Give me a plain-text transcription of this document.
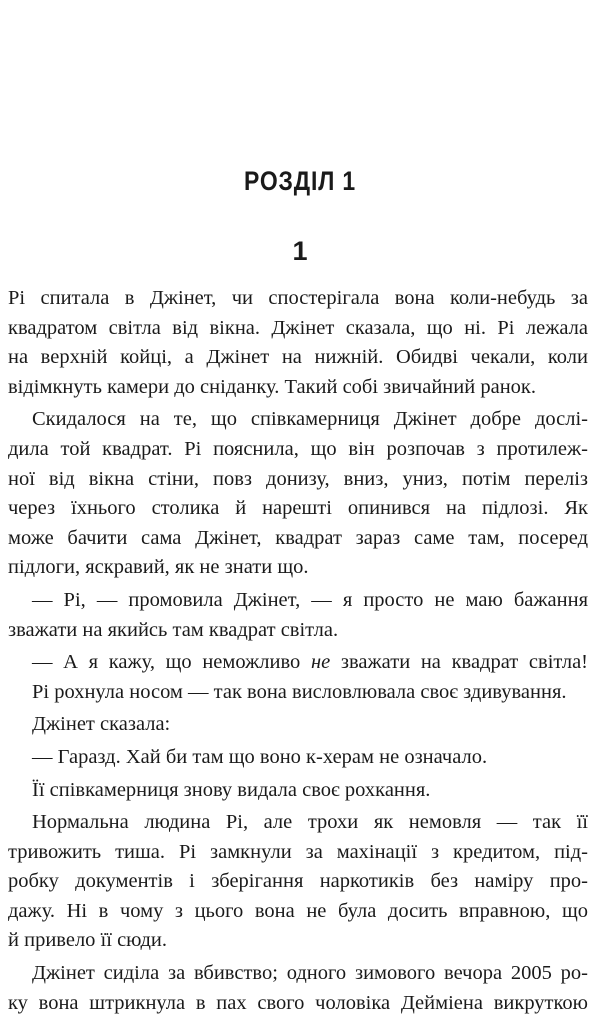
РОЗДІЛ 1
1
Рі спитала в Джінет, чи спостерігала вона коли-небудь за
квадратом світла від вікна. Джінет сказала, що ні. Рі лежала
на верхній койці, а Джінет на нижній. Обидві чекали, коли
відімкнуть камери до сніданку. Такий собі звичайний ранок.
Скидалося на те, що співкамерниця Джінет добре дослі-
дила той квадрат. Рі пояснила, що він розпочав з протилеж-
ної від вікна стіни, повз донизу, вниз, униз, потім переліз
через їхнього столика й нарешті опинився на підлозі. Як
може бачити сама Джінет, квадрат зараз саме там, посеред
підлоги, яскравий, як не знати що.
— Рі, — промовила Джінет, — я просто не маю бажання
зважати на якийсь там квадрат світла.
— А я кажу, що неможливо не зважати на квадрат світла!
Рі рохнула носом — так вона висловлювала своє здивування.
Джінет сказала:
— Гаразд. Хай би там що воно к-херам не означало.
Її співкамерниця знову видала своє рохкання.
Нормальна людина Рі, але трохи як немовля — так її
тривожить тиша. Рі замкнули за махінації з кредитом, під-
робку документів і зберігання наркотиків без наміру про-
дажу. Ні в чому з цього вона не була досить вправною, що
й привело її сюди.
Джінет сиділа за вбивство; одного зимового вечора 2005 ро-
ку вона штрикнула в пах свого чоловіка Дейміена викруткою
